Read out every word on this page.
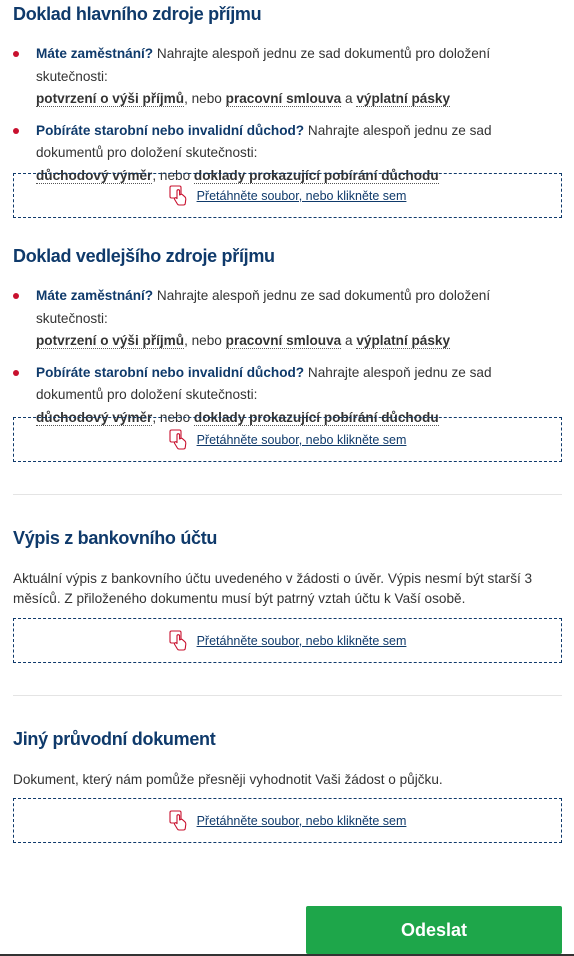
Doklad hlavního zdroje příjmu
Máte zaměstnání? Nahrajte alespoň jednu ze sad dokumentů pro doložení skutečnosti:
potvrzení o výši příjmů, nebo pracovní smlouva a výplatní pásky
Pobíráte starobní nebo invalidní důchod? Nahrajte alespoň jednu ze sad dokumentů pro doložení skutečnosti:
důchodový výměr, nebo doklady prokazující pobírání důchodu
Přetáhněte soubor, nebo klikněte sem
Doklad vedlejšího zdroje příjmu
Máte zaměstnání? Nahrajte alespoň jednu ze sad dokumentů pro doložení skutečnosti:
potvrzení o výši příjmů, nebo pracovní smlouva a výplatní pásky
Pobíráte starobní nebo invalidní důchod? Nahrajte alespoň jednu ze sad dokumentů pro doložení skutečnosti:
důchodový výměr, nebo doklady prokazující pobírání důchodu
Přetáhněte soubor, nebo klikněte sem
Výpis z bankovního účtu

Aktuální výpis z bankovního účtu uvedeného v žádosti o úvěr. Výpis nesmí být starší 3 měsíců. Z přiloženého dokumentu musí být patrný vztah účtu k Vaší osobě.

Přetáhněte soubor, nebo klikněte sem
Jiný průvodní dokument

Dokument, který nám pomůže přesněji vyhodnotit Vaši žádost o půjčku.

Přetáhněte soubor, nebo klikněte sem
Odeslat
